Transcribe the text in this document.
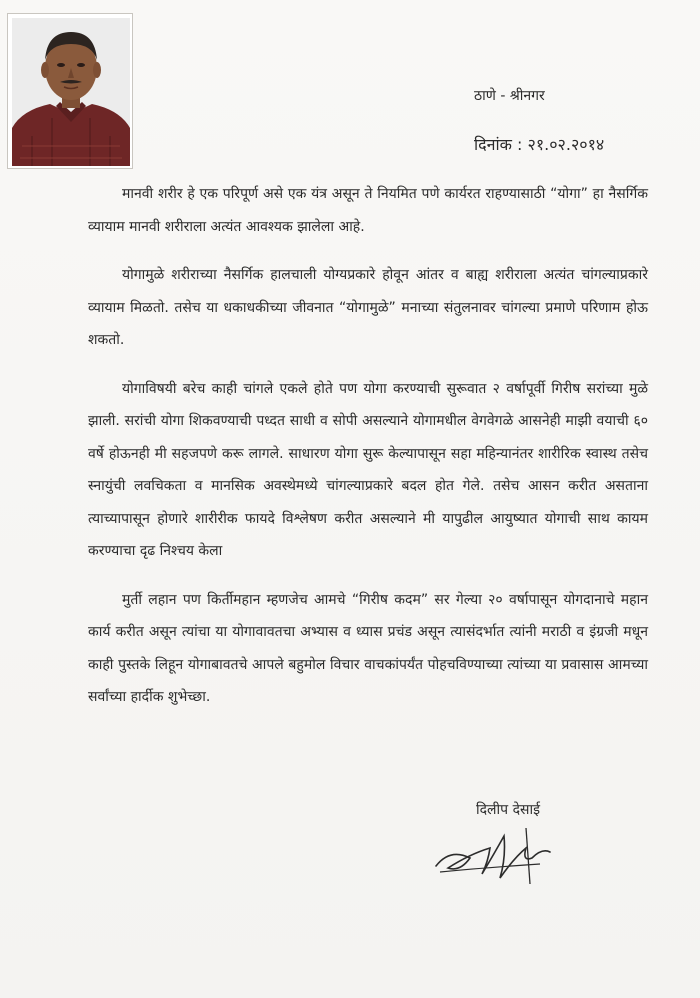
ठाणे - श्रीनगर
दिनांक : २१.०२.२०१४

मानवी शरीर हे एक परिपूर्ण असे एक यंत्र असून ते नियमित पणे कार्यरत राहण्यासाठी “योगा” हा नैसर्गिक व्यायाम मानवी शरीराला अत्यंत आवश्यक झालेला आहे.

योगामुळे शरीराच्या नैसर्गिक हालचाली योग्यप्रकारे होवून आंतर व बाह्य शरीराला अत्यंत चांगल्याप्रकारे व्यायाम मिळतो. तसेच या धकाधकीच्या जीवनात “योगामुळे” मनाच्या संतुलनावर चांगल्या प्रमाणे परिणाम होऊ शकतो.

योगाविषयी बरेच काही चांगले एकले होते पण योगा करण्याची सुरूवात २ वर्षापूर्वी गिरीष सरांच्या मुळे झाली. सरांची योगा शिकवण्याची पध्दत साधी व सोपी असल्याने योगामधील वेगवेगळे आसनेही माझी वयाची ६० वर्षे होऊनही मी सहजपणे करू लागले. साधारण योगा सुरू केल्यापासून सहा महिन्यानंतर शारीरिक स्वास्थ तसेच स्नायुंची लवचिकता व मानसिक अवस्थेमध्ये चांगल्याप्रकारे बदल होत गेले. तसेच आसन करीत असताना त्याच्यापासून होणारे शारीरीक फायदे विश्लेषण करीत असल्याने मी यापुढील आयुष्यात योगाची साथ कायम करण्याचा दृढ निश्चय केला

मुर्ती लहान पण किर्तीमहान म्हणजेच आमचे “गिरीष कदम” सर गेल्या २० वर्षापासून योगदानाचे महान कार्य करीत असून त्यांचा या योगावावतचा अभ्यास व ध्यास प्रचंड असून त्यासंदर्भात त्यांनी मराठी व इंग्रजी मधून काही पुस्तके लिहून योगाबावतचे आपले बहुमोल विचार वाचकांपर्यंत पोहचविण्याच्या त्यांच्या या प्रवासास आमच्या सर्वांच्या हार्दीक शुभेच्छा.

दिलीप देसाई
